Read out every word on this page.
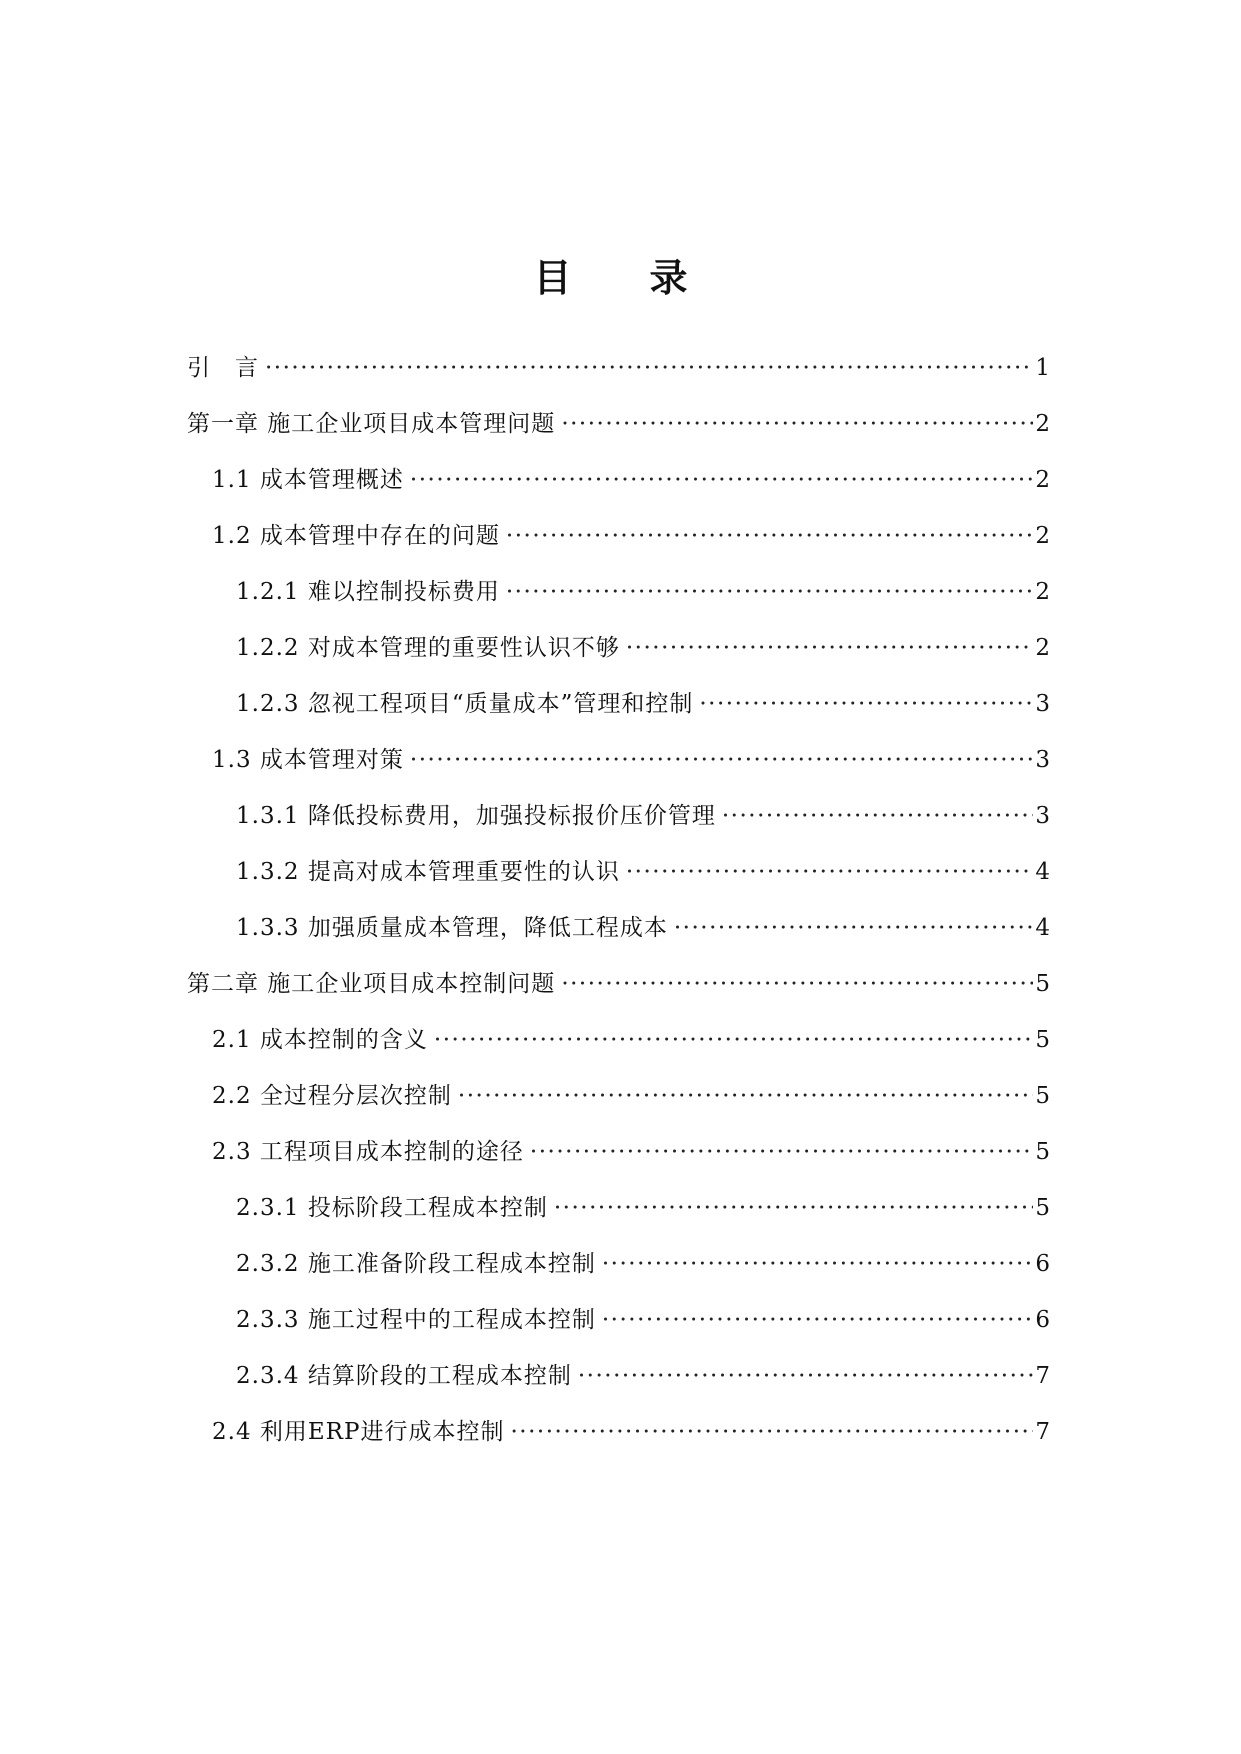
目　录
引　言 ·····	1
第一章 施工企业项目成本管理问题 ·····	2
1.1 成本管理概述 ·····	2
1.2 成本管理中存在的问题 ·····	2
1.2.1 难以控制投标费用 ·····	2
1.2.2 对成本管理的重要性认识不够 ·····	2
1.2.3 忽视工程项目“质量成本”管理和控制 ·····	3
1.3 成本管理对策 ·····	3
1.3.1 降低投标费用，加强投标报价压价管理 ·····	3
1.3.2 提高对成本管理重要性的认识 ·····	4
1.3.3 加强质量成本管理，降低工程成本 ·····	4
第二章 施工企业项目成本控制问题 ·····	5
2.1 成本控制的含义 ·····	5
2.2 全过程分层次控制 ·····	5
2.3 工程项目成本控制的途径 ·····	5
2.3.1 投标阶段工程成本控制 ·····	5
2.3.2 施工准备阶段工程成本控制 ·····	6
2.3.3 施工过程中的工程成本控制 ·····	6
2.3.4 结算阶段的工程成本控制 ·····	7
2.4 利用ERP进行成本控制 ·····	7
